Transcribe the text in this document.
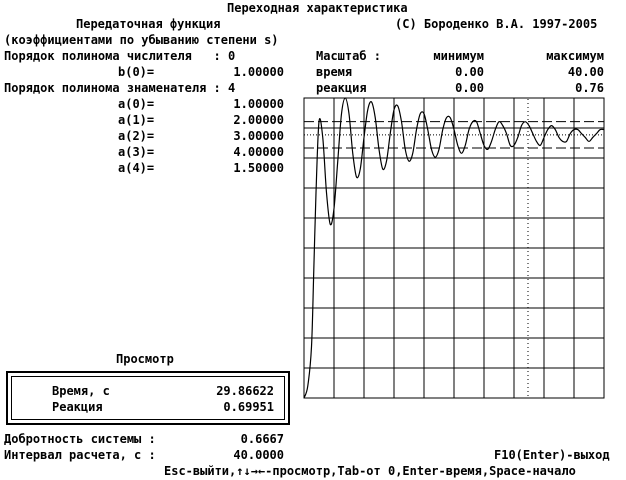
Переходная характеристика
Передаточная функция	(C) Бороденко В.А. 1997-2005
(коэффициентами по убыванию степени s)
Порядок полинома числителя   : 0
b(0)=	1.00000
Порядок полинома знаменателя : 4
a(0)=	1.00000
a(1)=	2.00000
a(2)=	3.00000
a(3)=	4.00000
a(4)=	1.50000
Масштаб :	минимум	максимум
время	0.00	40.00
реакция	0.00	0.76
Просмотр
Время, с	29.86622
Реакция	0.69951
Добротность системы :	0.6667
Интервал расчета, с :	40.0000	F10(Enter)-выход
Esc-выйти,↑↓→←-просмотр,Tab-от 0,Enter-время,Space-начало
